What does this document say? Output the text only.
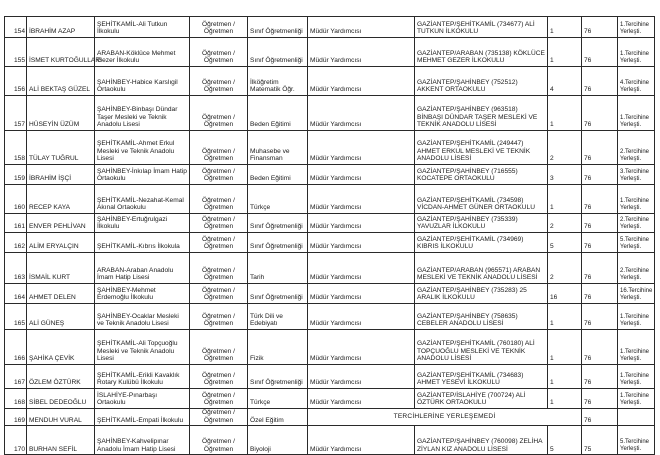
154	İBRAHİM AZAP	ŞEHİTKAMİL-Ali Tutkun İlkokulu	Öğretmen / Öğretmen	Sınıf Öğretmenliği	Müdür Yardımcısı	GAZİANTEP/ŞEHİTKAMİL (734677) ALİ TUTKUN İLKOKULU	1	76	1.Tercihine Yerleşti.
155	İSMET KURTOĞULLARI	ARABAN-Köklüce Mehmet Gezer İlkokulu	Öğretmen / Öğretmen	Sınıf Öğretmenliği	Müdür Yardımcısı	GAZİANTEP/ARABAN (735138) KÖKLÜCE MEHMET GEZER İLKOKULU	1	76	1.Tercihine Yerleşti.
156	ALİ BEKTAŞ GÜZEL	ŞAHİNBEY-Habice Karslıgil Ortaokulu	Öğretmen / Öğretmen	İlköğretim Matematik Öğr.	Müdür Yardımcısı	GAZİANTEP/ŞAHİNBEY (752512) AKKENT ORTAOKULU	4	76	4.Tercihine Yerleşti.
157	HÜSEYİN ÜZÜM	ŞAHİNBEY-Binbaşı Dündar Taşer Mesleki ve Teknik Anadolu Lisesi	Öğretmen / Öğretmen	Beden Eğitimi	Müdür Yardımcısı	GAZİANTEP/ŞAHİNBEY (963518) BİNBAŞI DÜNDAR TAŞER MESLEKİ VE TEKNİK ANADOLU LİSESİ	1	76	1.Tercihine Yerleşti.
158	TÜLAY TUĞRUL	ŞEHİTKAMİL-Ahmet Erkul Mesleki ve Teknik Anadolu Lisesi	Öğretmen / Öğretmen	Muhasebe ve Finansman	Müdür Yardımcısı	GAZİANTEP/ŞEHİTKAMİL (249447) AHMET ERKUL MESLEKİ VE TEKNİK ANADOLU LİSESİ	2	76	2.Tercihine Yerleşti.
159	İBRAHİM İŞÇİ	ŞAHİNBEY-İnkılap İmam Hatip Ortaokulu	Öğretmen / Öğretmen	Beden Eğitimi	Müdür Yardımcısı	GAZİANTEP/ŞAHİNBEY (716555) KOCATEPE ORTAOKULU	3	76	3.Tercihine Yerleşti.
160	RECEP KAYA	ŞEHİTKAMİL-Nezahat-Kemal Akınal Ortaokulu	Öğretmen / Öğretmen	Türkçe	Müdür Yardımcısı	GAZİANTEP/ŞEHİTKAMİL (734598) VİCDAN-AHMET GÜNER ORTAOKULU	1	76	1.Tercihine Yerleşti.
161	ENVER PEHLİVAN	ŞAHİNBEY-Ertuğrulgazi İlkokulu	Öğretmen / Öğretmen	Sınıf Öğretmenliği	Müdür Yardımcısı	GAZİANTEP/ŞAHİNBEY (735339) YAVUZLAR İLKOKULU	2	76	2.Tercihine Yerleşti.
162	ALİM ERYALÇIN	ŞEHİTKAMİL-Kıbrıs İlkokula	Öğretmen / Öğretmen	Sınıf Öğretmenliği	Müdür Yardımcısı	GAZİANTEP/ŞEHİTKAMİL (734969) KIBRIS İLKOKULU	5	76	5.Tercihine Yerleşti.
163	İSMAİL KURT	ARABAN-Araban Anadolu İmam Hatip Lisesi	Öğretmen / Öğretmen	Tarih	Müdür Yardımcısı	GAZİANTEP/ARABAN (965571) ARABAN MESLEKİ VE TEKNİK ANADOLU LİSESİ	2	76	2.Tercihine Yerleşti.
164	AHMET DELEN	ŞAHİNBEY-Mehmet Erdemoğlu İlkokulu	Öğretmen / Öğretmen	Sınıf Öğretmenliği	Müdür Yardımcısı	GAZİANTEP/ŞAHİNBEY (735283) 25 ARALIK İLKOKULU	16	76	16.Tercihine Yerleşti.
165	ALİ GÜNEŞ	ŞAHİNBEY-Ocaklar Mesleki ve Teknik Anadolu Lisesi	Öğretmen / Öğretmen	Türk Dili ve Edebiyatı	Müdür Yardımcısı	GAZİANTEP/ŞAHİNBEY (758635) CEBELER ANADOLU LİSESİ	1	76	1.Tercihine Yerleşti.
166	ŞAHİKA ÇEVİK	ŞEHİTKAMİL-Ali Topçuoğlu Mesleki ve Teknik Anadolu Lisesi	Öğretmen / Öğretmen	Fizik	Müdür Yardımcısı	GAZİANTEP/ŞEHİTKAMİL (760180) ALİ TOPÇUOĞLU MESLEKİ VE TEKNİK ANADOLU LİSESİ	1	76	1.Tercihine Yerleşti.
167	ÖZLEM ÖZTÜRK	ŞEHİTKAMİL-Erikli Kavaklık Rotary Kulübü İlkokulu	Öğretmen / Öğretmen	Sınıf Öğretmenliği	Müdür Yardımcısı	GAZİANTEP/ŞEHİTKAMİL (734683) AHMET YESEVİ İLKOKULU	1	76	1.Tercihine Yerleşti.
168	SİBEL DEDEOĞLU	İSLAHİYE-Pınarbaşı Ortaokulu	Öğretmen / Öğretmen	Türkçe	Müdür Yardımcısı	GAZİANTEP/İSLAHİYE (700724) ALİ ÖZTÜRK ORTAOKULU	1	76	1.Tercihine Yerleşti.
169	MENDUH VURAL	ŞEHİTKAMİL-Empati İlkokulu	Öğretmen / Öğretmen	Özel Eğitim	TERCİHLERİNE YERLEŞEMEDİ			76	
170	BURHAN SEFİL	ŞAHİNBEY-Kahvelipınar Anadolu İmam Hatip Lisesi	Öğretmen / Öğretmen	Biyoloji	Müdür Yardımcısı	GAZİANTEP/ŞAHİNBEY (760098) ZELİHA ZİYLAN KIZ ANADOLU LİSESİ	5	75	5.Tercihine Yerleşti.
